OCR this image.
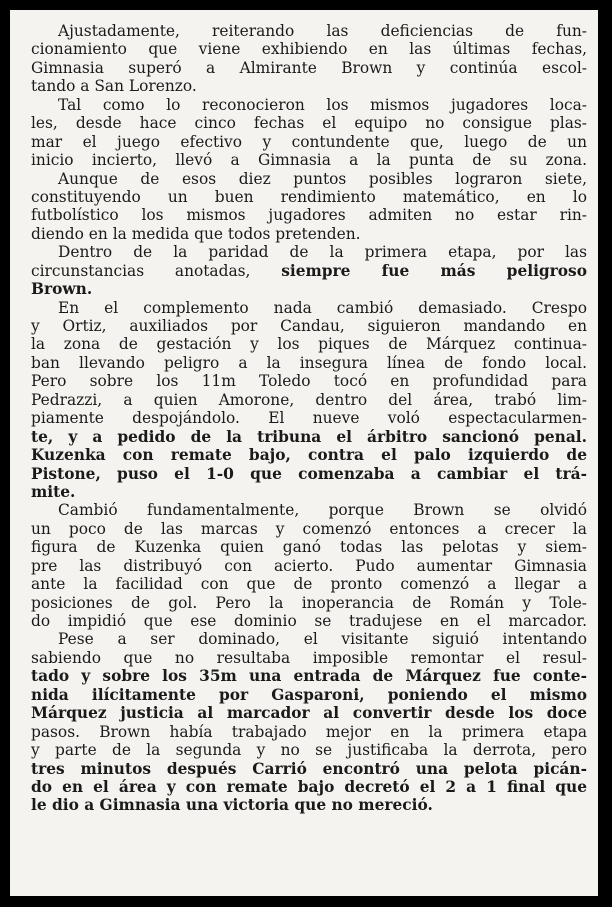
Ajustadamente, reiterando las deficiencias de fun-
cionamiento que viene exhibiendo en las últimas fechas,
Gimnasia superó a Almirante Brown y continúa escol-
tando a San Lorenzo.
Tal como lo reconocieron los mismos jugadores loca-
les, desde hace cinco fechas el equipo no consigue plas-
mar el juego efectivo y contundente que, luego de un
inicio incierto, llevó a Gimnasia a la punta de su zona.
Aunque de esos diez puntos posibles lograron siete,
constituyendo un buen rendimiento matemático, en lo
futbolístico los mismos jugadores admiten no estar rin-
diendo en la medida que todos pretenden.
Dentro de la paridad de la primera etapa, por las
circunstancias anotadas, siempre fue más peligroso
Brown.
En el complemento nada cambió demasiado. Crespo
y Ortiz, auxiliados por Candau, siguieron mandando en
la zona de gestación y los piques de Márquez continua-
ban llevando peligro a la insegura línea de fondo local.
Pero sobre los 11m Toledo tocó en profundidad para
Pedrazzi, a quien Amorone, dentro del área, trabó lim-
piamente despojándolo. El nueve voló espectacularmen-
te, y a pedido de la tribuna el árbitro sancionó penal.
Kuzenka con remate bajo, contra el palo izquierdo de
Pistone, puso el 1-0 que comenzaba a cambiar el trá-
mite.
Cambió fundamentalmente, porque Brown se olvidó
un poco de las marcas y comenzó entonces a crecer la
figura de Kuzenka quien ganó todas las pelotas y siem-
pre las distribuyó con acierto. Pudo aumentar Gimnasia
ante la facilidad con que de pronto comenzó a llegar a
posiciones de gol. Pero la inoperancia de Román y Tole-
do impidió que ese dominio se tradujese en el marcador.
Pese a ser dominado, el visitante siguió intentando
sabiendo que no resultaba imposible remontar el resul-
tado y sobre los 35m una entrada de Márquez fue conte-
nida ilícitamente por Gasparoni, poniendo el mismo
Márquez justicia al marcador al convertir desde los doce
pasos. Brown había trabajado mejor en la primera etapa
y parte de la segunda y no se justificaba la derrota, pero
tres minutos después Carrió encontró una pelota picán-
do en el área y con remate bajo decretó el 2 a 1 final que
le dio a Gimnasia una victoria que no mereció.
